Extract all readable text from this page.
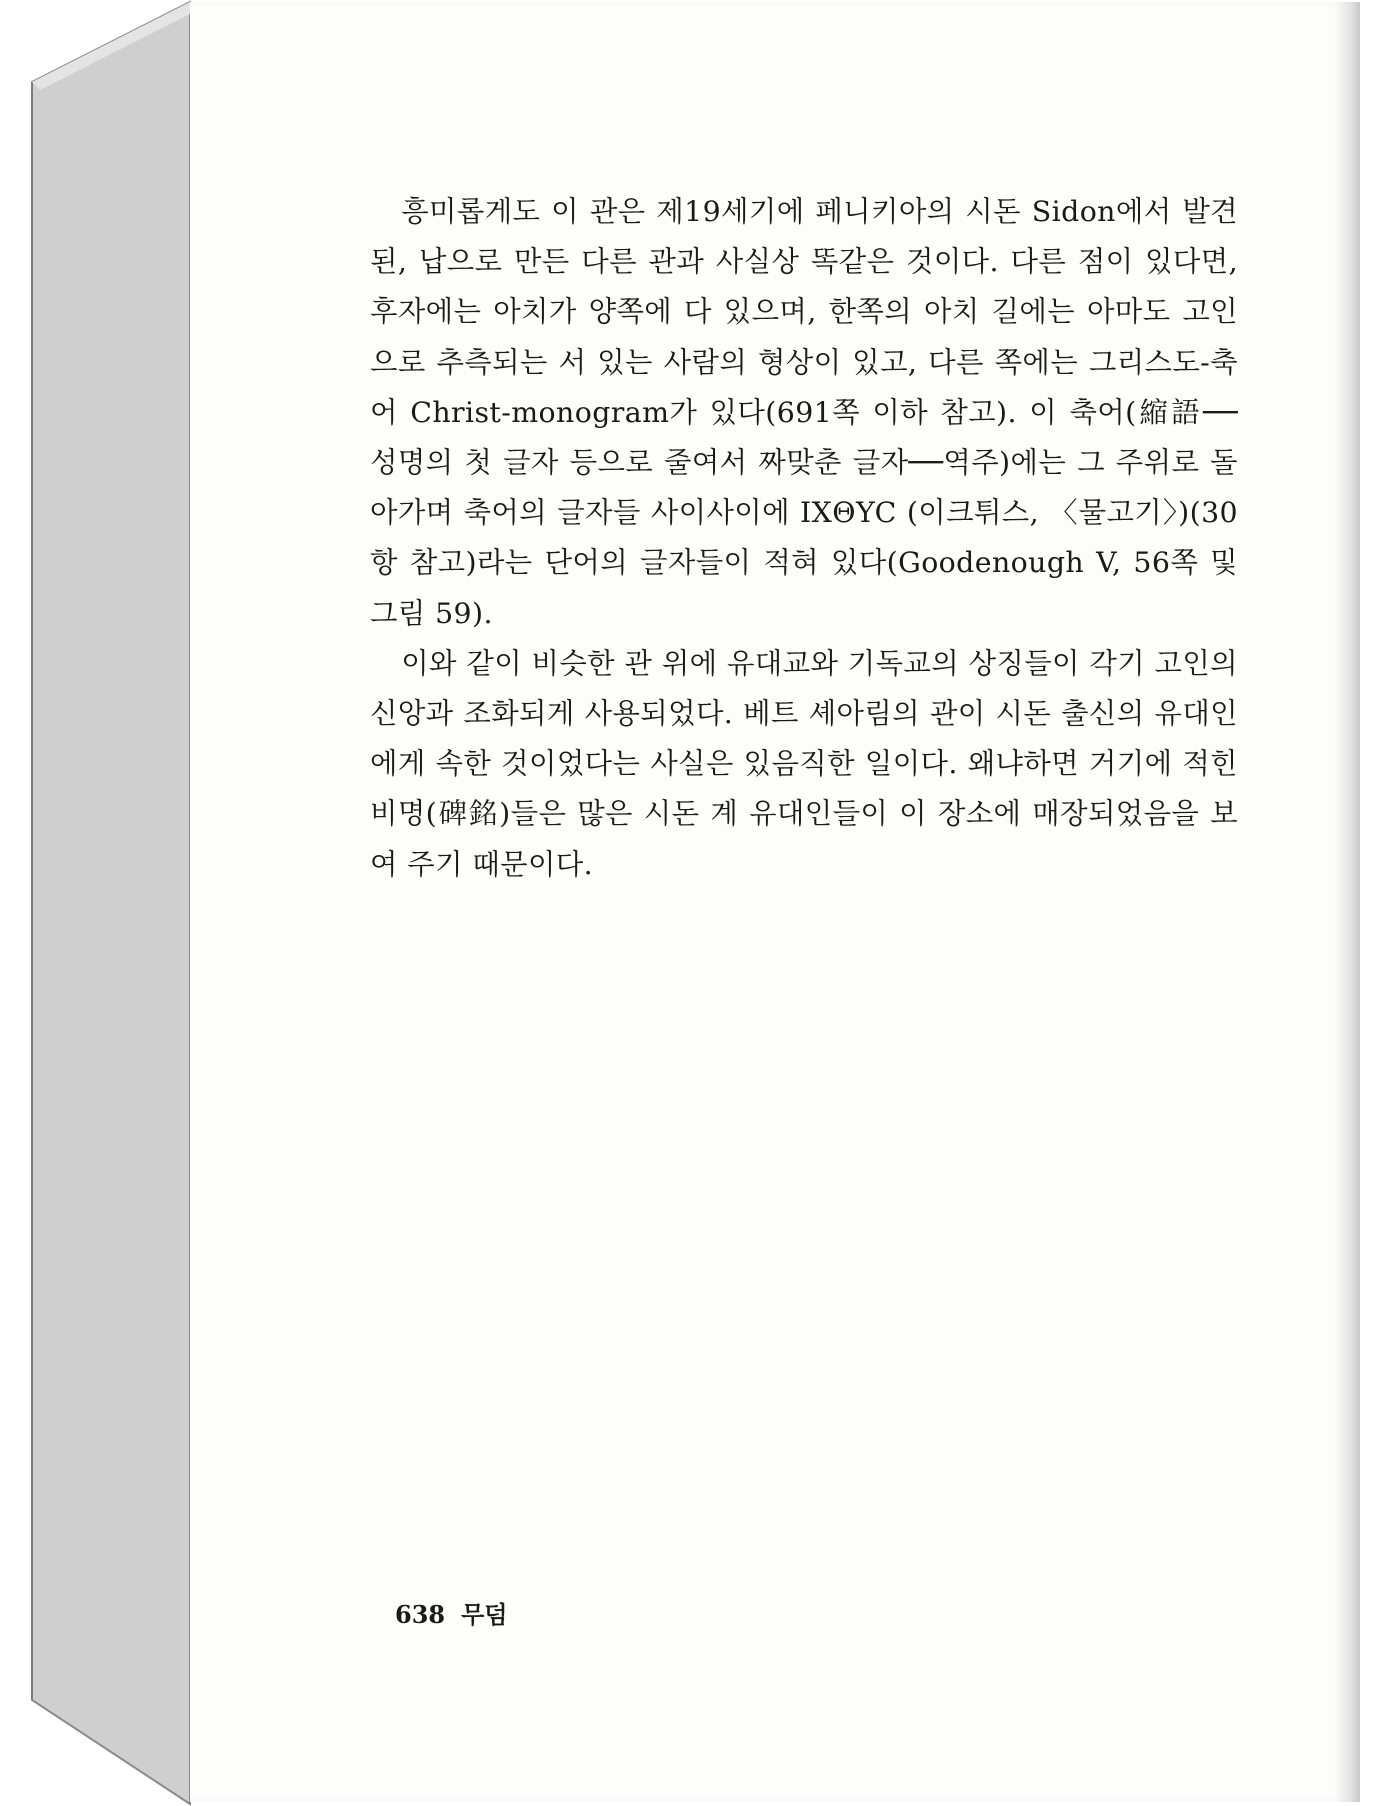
흥미롭게도 이 관은 제19세기에 페니키아의 시돈 Sidon에서 발견된, 납으로 만든 다른 관과 사실상 똑같은 것이다. 다른 점이 있다면, 후자에는 아치가 양쪽에 다 있으며, 한쪽의 아치 길에는 아마도 고인으로 추측되는 서 있는 사람의 형상이 있고, 다른 쪽에는 그리스도-축어 Christ-monogram가 있다(691쪽 이하 참고). 이 축어(縮語──성명의 첫 글자 등으로 줄여서 짜맞춘 글자──역주)에는 그 주위로 돌아가며 축어의 글자들 사이사이에 IXΘYC (이크튀스, 〈물고기〉)(30항 참고)라는 단어의 글자들이 적혀 있다(Goodenough V, 56쪽 및 그림 59).

이와 같이 비슷한 관 위에 유대교와 기독교의 상징들이 각기 고인의 신앙과 조화되게 사용되었다. 베트 셰아림의 관이 시돈 출신의 유대인에게 속한 것이었다는 사실은 있음직한 일이다. 왜냐하면 거기에 적힌 비명(碑銘)들은 많은 시돈 계 유대인들이 이 장소에 매장되었음을 보여 주기 때문이다.

638 무덤
